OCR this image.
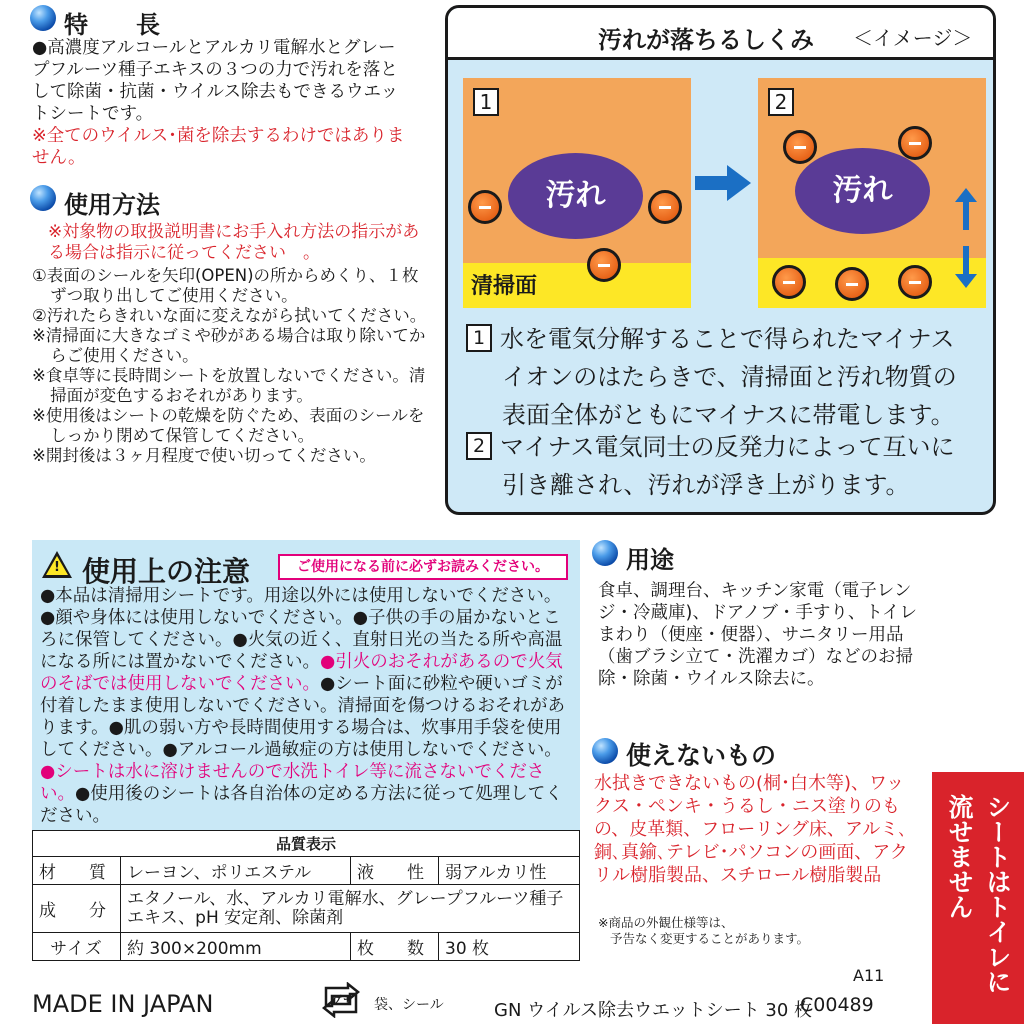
特　　長
●高濃度アルコールとアルカリ電解水とグレープフルーツ種子エキスの３つの力で汚れを落として除菌・抗菌・ウイルス除去もできるウエットシートです。
※全てのウイルス･菌を除去するわけではありません。
使用方法
※対象物の取扱説明書にお手入れ方法の指示がある場合は指示に従ってください　。
①表面のシールを矢印(OPEN)の所からめくり、１枚ずつ取り出してご使用ください。
②汚れたらきれいな面に変えながら拭いてください。
※清掃面に大きなゴミや砂がある場合は取り除いてからご使用ください。
※食卓等に長時間シートを放置しないでください。清掃面が変色するおそれがあります。
※使用後はシートの乾燥を防ぐため、表面のシールをしっかり閉めて保管してください。
※開封後は３ヶ月程度で使い切ってください。
汚れが落ちるしくみ ＜イメージ＞
1
汚れ
清掃面
2
汚れ
1 水を電気分解することで得られたマイナス
イオンのはたらきで、清掃面と汚れ物質の
表面全体がともにマイナスに帯電します。
2 マイナス電気同士の反発力によって互いに
引き離され、汚れが浮き上がります。
! 使用上の注意	ご使用になる前に必ずお読みください。
●本品は清掃用シートです。用途以外には使用しないでください。●顔や身体には使用しないでください。●子供の手の届かないところに保管してください。●火気の近く、直射日光の当たる所や高温になる所には置かないでください。●引火のおそれがあるので火気のそばでは使用しないでください。●シート面に砂粒や硬いゴミが付着したまま使用しないでください。清掃面を傷つけるおそれがあります。●肌の弱い方や長時間使用する場合は、炊事用手袋を使用してください。●アルコール過敏症の方は使用しないでください。●シートは水に溶けませんので水洗トイレ等に流さないでください。●使用後のシートは各自治体の定める方法に従って処理してください。
品質表示			
材　質	レーヨン、ポリエステル	液　性	弱アルカリ性
成　分	エタノール、水、アルカリ電解水、グレープフルーツ種子エキス、pH 安定剤、除菌剤		
サイズ	約 300×200mm	枚　数	30 枚
用途
食卓、調理台、キッチン家電（電子レンジ・冷蔵庫)、ドアノブ・手すり、トイレまわり（便座・便器）、サニタリー用品（歯ブラシ立て・洗濯カゴ）などのお掃除・除菌・ウイルス除去に。
使えないもの
水拭きできないもの(桐･白木等)、ワックス・ペンキ・うるし・ニス塗りのもの、皮革類、フローリング床、アルミ､銅､真鍮､テレビ･パソコンの画面、アクリル樹脂製品、スチロール樹脂製品
※商品の外観仕様等は、
予告なく変更することがあります。	シートはトイレに
流せません
MADE IN JAPAN	プラ 袋、シール	GN ウイルス除去ウエットシート 30 枚
C00489
A11
